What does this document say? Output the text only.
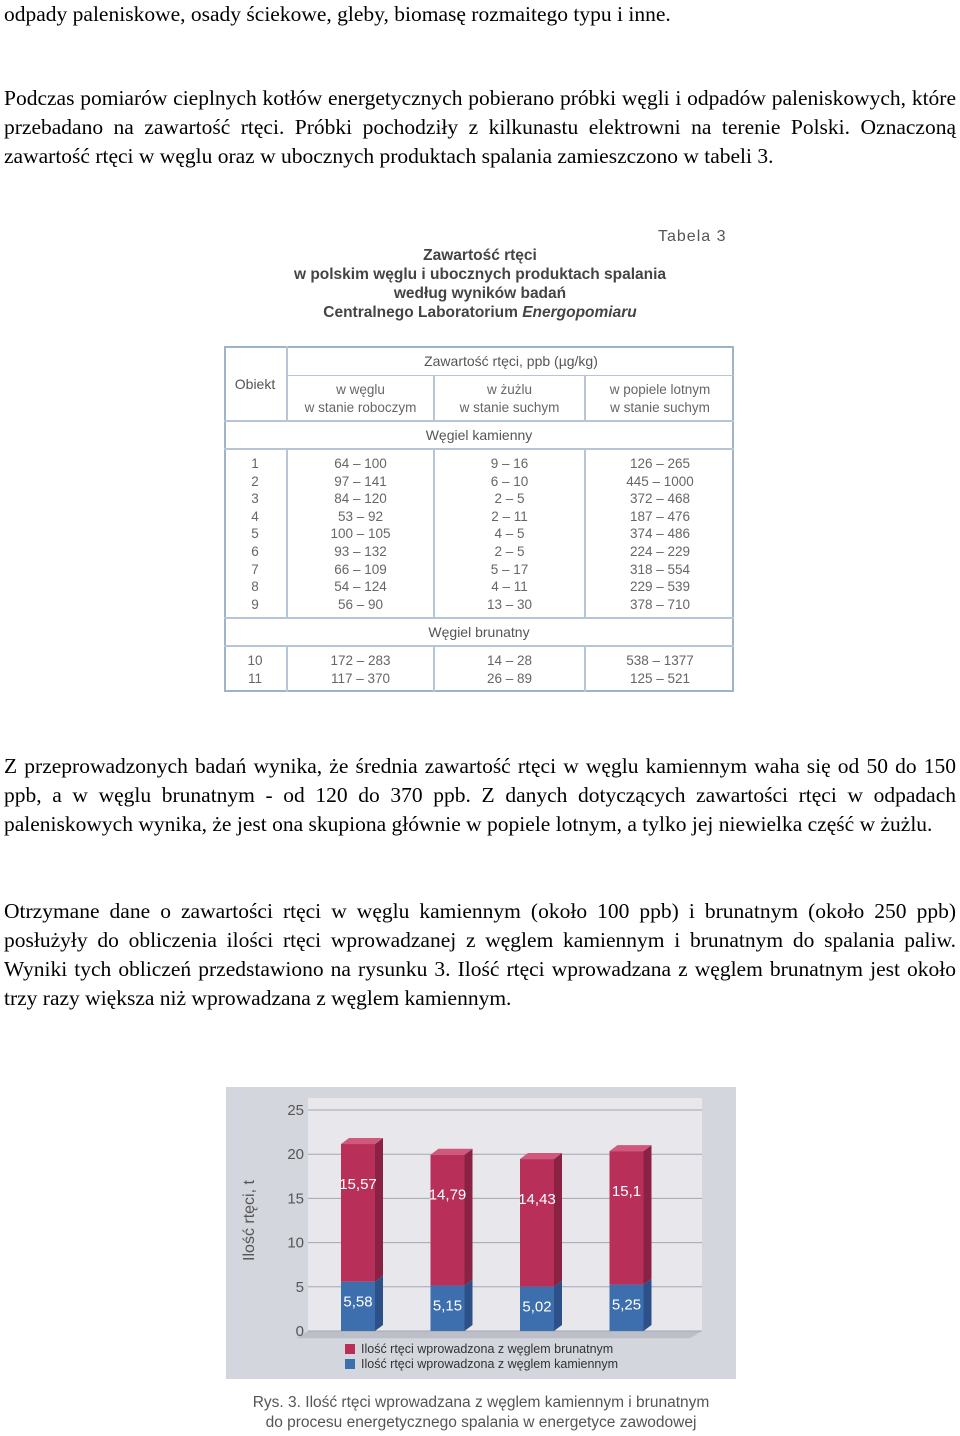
odpady paleniskowe, osady ściekowe, gleby, biomasę rozmaitego typu i inne.

Podczas pomiarów cieplnych kotłów energetycznych pobierano próbki węgli i odpadów paleniskowych, które przebadano na zawartość rtęci. Próbki pochodziły z kilkunastu elektrowni na terenie Polski. Oznaczoną zawartość rtęci w węglu oraz w ubocznych produktach spalania zamieszczono w tabeli 3.

Tabela 3
Zawartość rtęci
w polskim węglu i ubocznych produktach spalania
według wyników badań
Centralnego Laboratorium Energopomiaru
Zawartość rtęci, ppb (µg/kg)
Obiekt	w węglu
w stanie roboczym
w żużlu
w stanie suchym
w popiele lotnym
w stanie suchym
Węgiel kamienny
Węgiel brunatny
1
2
3
4
5
6
7
8
9
64 – 100
97 – 141
84 – 120
53 – 92
100 – 105
93 – 132
66 – 109
54 – 124
56 – 90
9 – 16
6 – 10
2 – 5
2 – 11
4 – 5
2 – 5
5 – 17
4 – 11
13 – 30
126 – 265
445 – 1000
372 – 468
187 – 476
374 – 486
224 – 229
318 – 554
229 – 539
378 – 710
10
11
172 – 283
117 – 370
14 – 28
26 – 89
538 – 1377
125 – 521

Z przeprowadzonych badań wynika, że średnia zawartość rtęci w węglu kamiennym waha się od 50 do 150 ppb, a w węglu brunatnym - od 120 do 370 ppb. Z danych dotyczących zawartości rtęci w odpadach paleniskowych wynika, że jest ona skupiona głównie w popiele lotnym, a tylko jej niewielka część w żużlu.

Otrzymane dane o zawartości rtęci w węglu kamiennym (około 100 ppb) i brunatnym (około 250 ppb) posłużyły do obliczenia ilości rtęci wprowadzanej z węglem kamiennym i brunatnym do spalania paliw. Wyniki tych obliczeń przedstawiono na rysunku 3. Ilość rtęci wprowadzana z węglem brunatnym jest około trzy razy większa niż wprowadzana z węglem kamiennym.

0
5
10
15
20
25
Ilość rtęci, t	15,57
5,58
14,79
5,15
14,43
5,02
15,1
5,25
Ilość rtęci wprowadzona z węglem brunatnym
Ilość rtęci wprowadzona z węglem kamiennym
Rys. 3. Ilość rtęci wprowadzana z węglem kamiennym i brunatnym
do procesu energetycznego spalania w energetyce zawodowej
